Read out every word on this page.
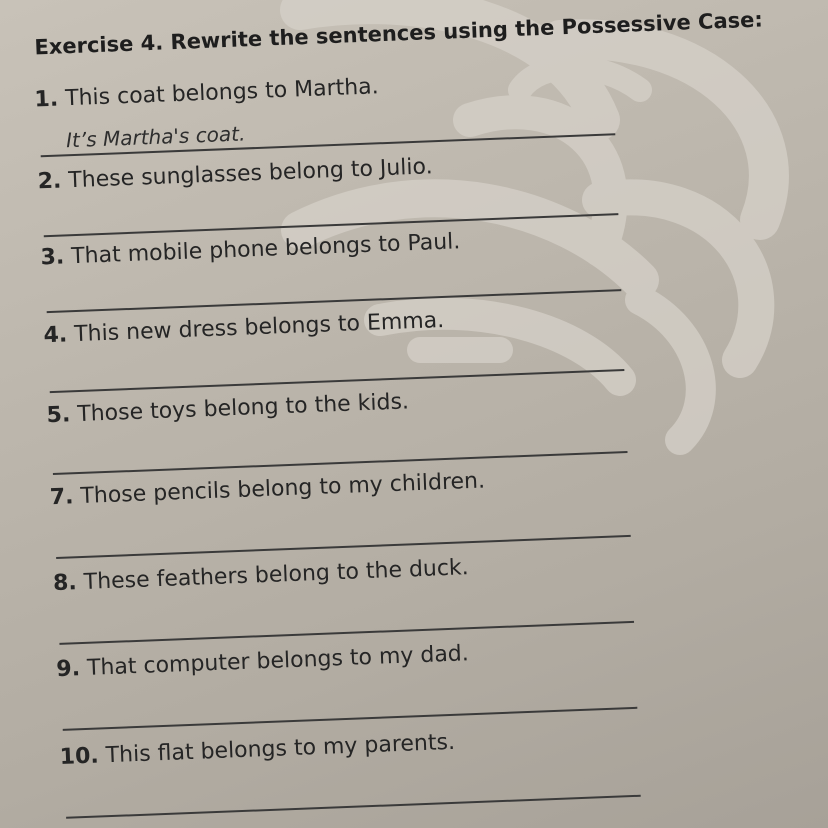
Exercise 4. Rewrite the sentences using the Possessive Case:
1. This coat belongs to Martha.
It’s Martha's coat.
2. These sunglasses belong to Julio.
3. That mobile phone belongs to Paul.
4. This new dress belongs to Emma.
5. Those toys belong to the kids.
7. Those pencils belong to my children.
8. These feathers belong to the duck.
9. That computer belongs to my dad.
10. This flat belongs to my parents.
